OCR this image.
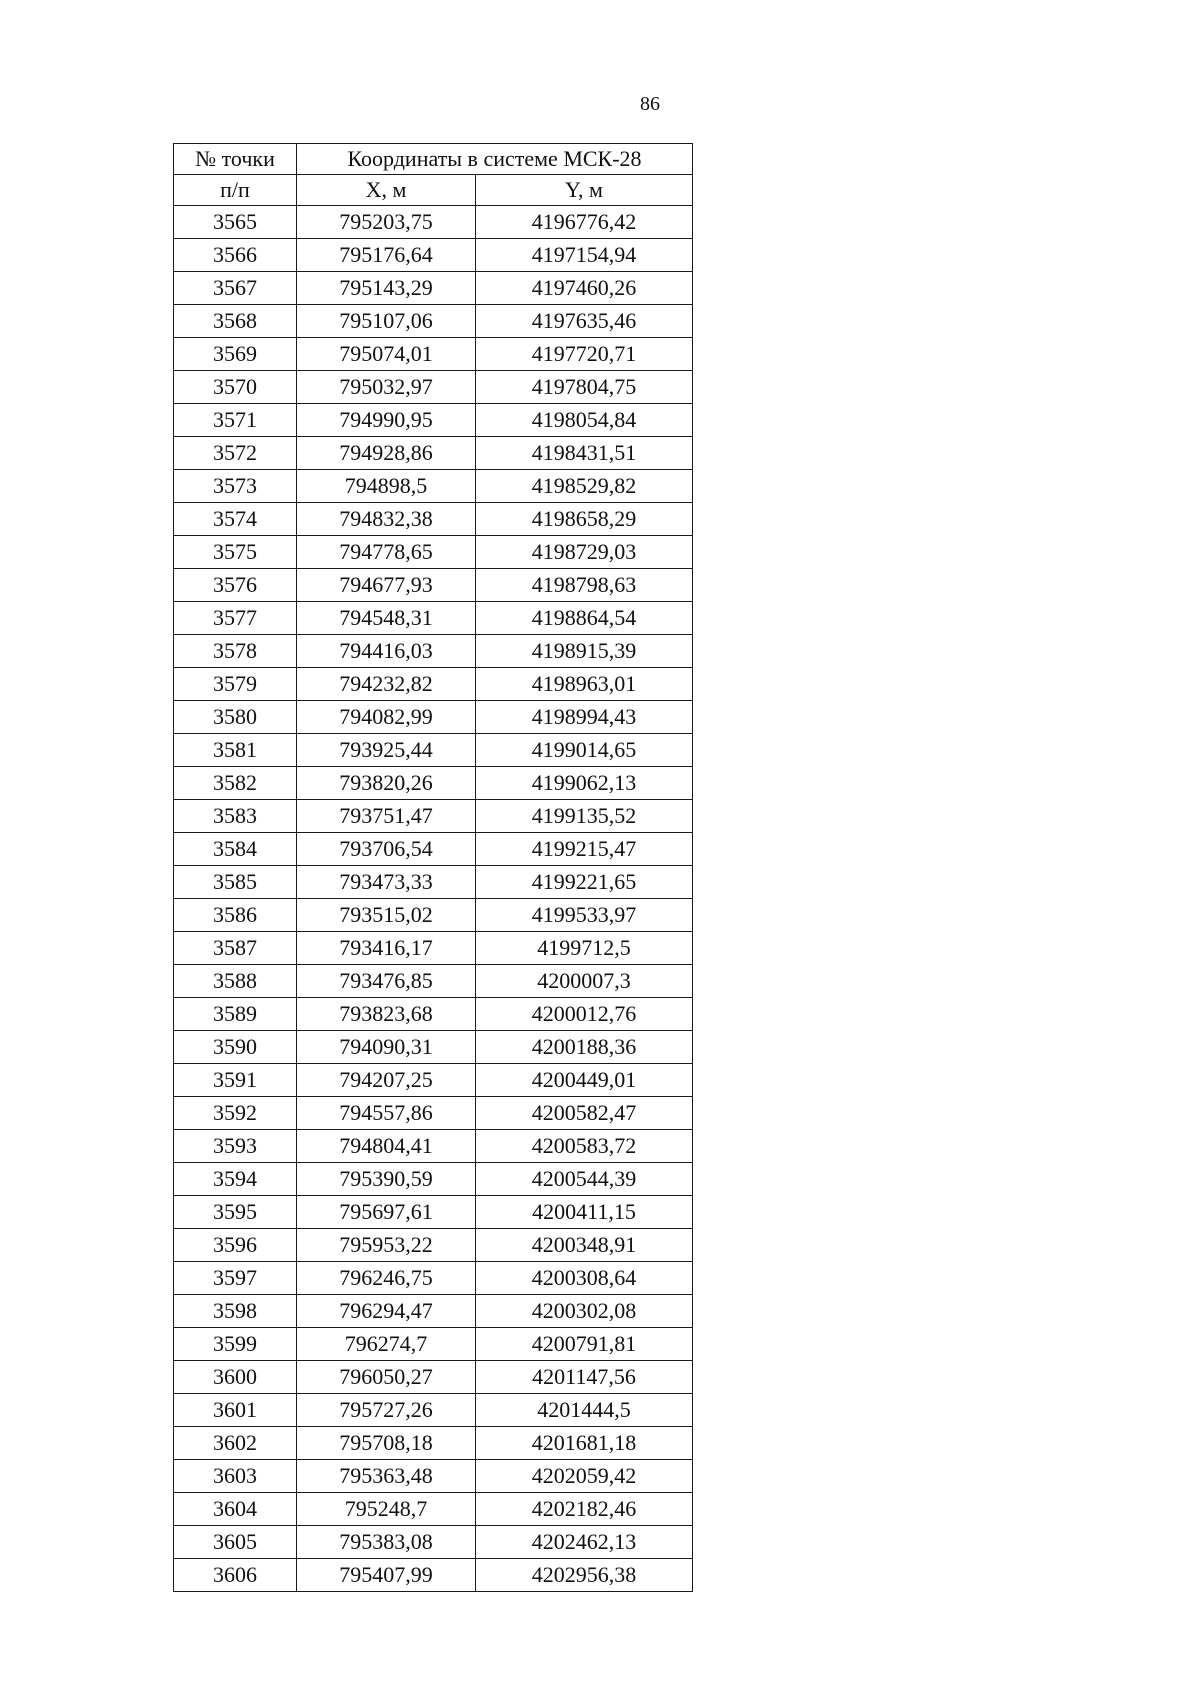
86
№ точки	Координаты в системе МСК-28	
п/п	X, м	Y, м
3565	795203,75	4196776,42
3566	795176,64	4197154,94
3567	795143,29	4197460,26
3568	795107,06	4197635,46
3569	795074,01	4197720,71
3570	795032,97	4197804,75
3571	794990,95	4198054,84
3572	794928,86	4198431,51
3573	794898,5	4198529,82
3574	794832,38	4198658,29
3575	794778,65	4198729,03
3576	794677,93	4198798,63
3577	794548,31	4198864,54
3578	794416,03	4198915,39
3579	794232,82	4198963,01
3580	794082,99	4198994,43
3581	793925,44	4199014,65
3582	793820,26	4199062,13
3583	793751,47	4199135,52
3584	793706,54	4199215,47
3585	793473,33	4199221,65
3586	793515,02	4199533,97
3587	793416,17	4199712,5
3588	793476,85	4200007,3
3589	793823,68	4200012,76
3590	794090,31	4200188,36
3591	794207,25	4200449,01
3592	794557,86	4200582,47
3593	794804,41	4200583,72
3594	795390,59	4200544,39
3595	795697,61	4200411,15
3596	795953,22	4200348,91
3597	796246,75	4200308,64
3598	796294,47	4200302,08
3599	796274,7	4200791,81
3600	796050,27	4201147,56
3601	795727,26	4201444,5
3602	795708,18	4201681,18
3603	795363,48	4202059,42
3604	795248,7	4202182,46
3605	795383,08	4202462,13
3606	795407,99	4202956,38
